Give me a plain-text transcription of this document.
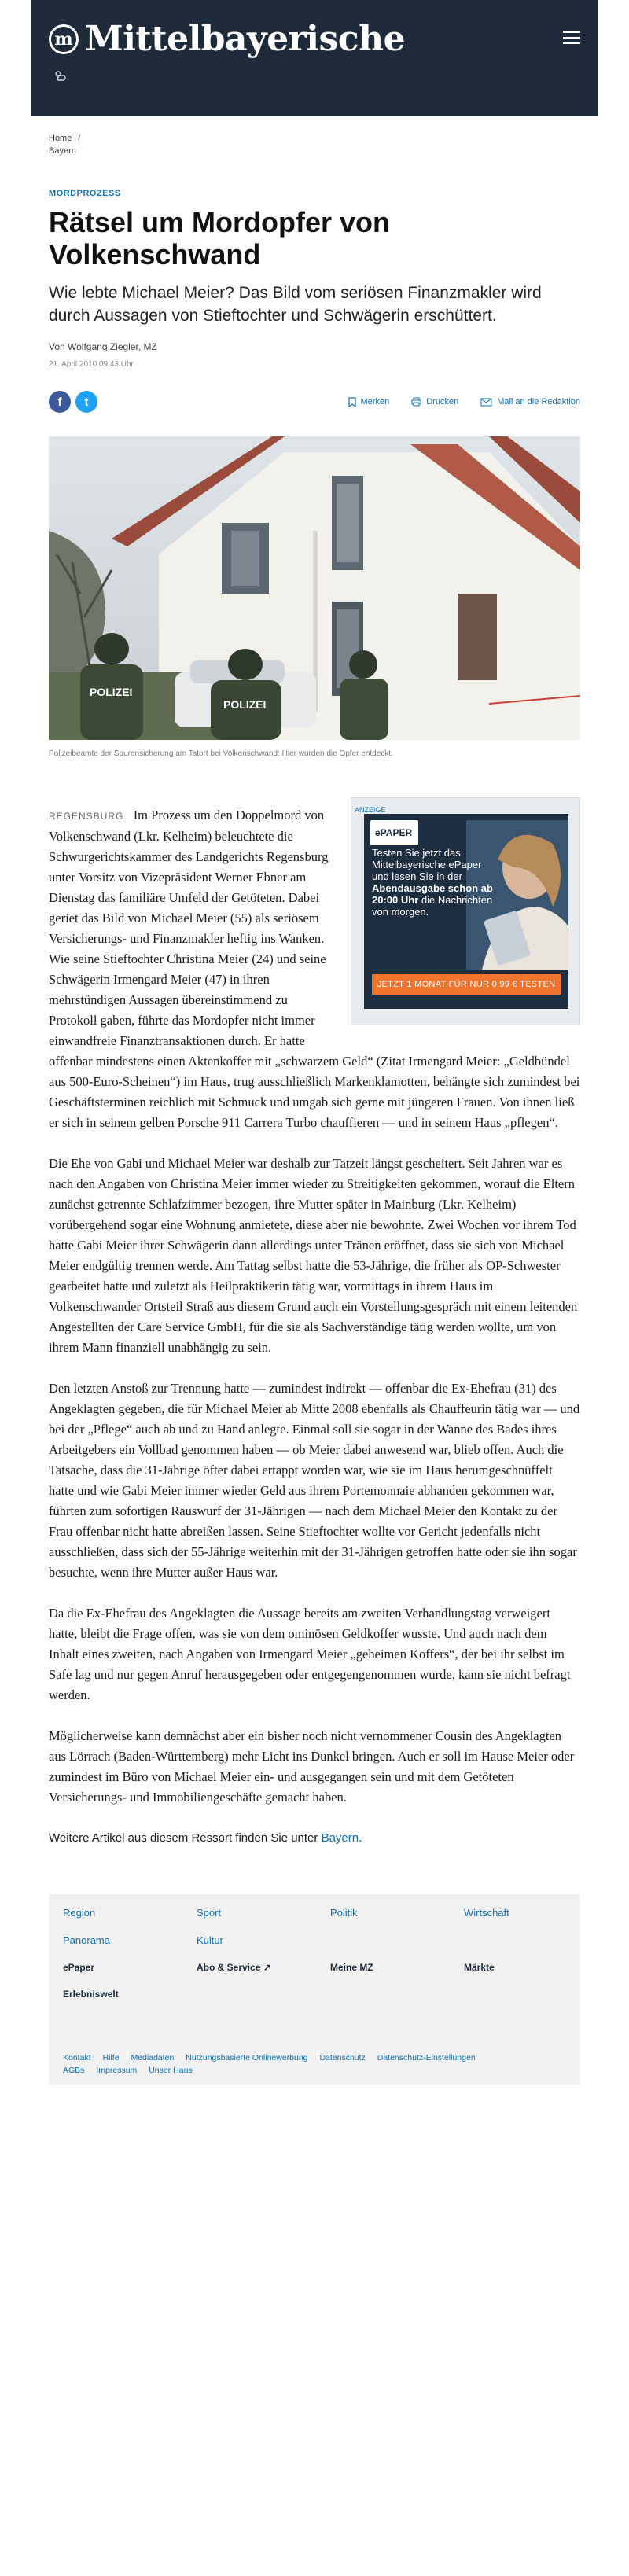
m Mittelbayerische
Home /
Bayern
MORDPROZESS
Rätsel um Mordopfer von Volkenschwand

Wie lebte Michael Meier? Das Bild vom seriösen Finanzmakler wird durch Aussagen von Stieftochter und Schwägerin erschüttert.

Von Wolfgang Ziegler, MZ
21. April 2010 09:43 Uhr
f	t	Merken	Drucken	Mail an die Redaktion
POLIZEI
POLIZEI
Polizeibeamte der Spurensicherung am Tatort bei Volkenschwand: Hier wurden die Opfer entdeckt.
ANZEIGE
ePAPER
Testen Sie jetzt das Mittelbayerische ePaper und lesen Sie in der Abendausgabe schon ab 20:00 Uhr die Nachrichten von morgen.
JETZT 1 MONAT FÜR NUR 0,99 € TESTEN

REGENSBURG. Im Prozess um den Doppelmord von Volkenschwand (Lkr. Kelheim) beleuchtete die Schwurgerichtskammer des Landgerichts Regensburg unter Vorsitz von Vizepräsident Werner Ebner am Dienstag das familiäre Umfeld der Getöteten. Dabei geriet das Bild von Michael Meier (55) als seriösem Versicherungs- und Finanzmakler heftig ins Wanken. Wie seine Stieftochter Christina Meier (24) und seine Schwägerin Irmengard Meier (47) in ihren mehrstündigen Aussagen übereinstimmend zu Protokoll gaben, führte das Mordopfer nicht immer einwandfreie Finanztransaktionen durch. Er hatte offenbar mindestens einen Aktenkoffer mit „schwarzem Geld“ (Zitat Irmengard Meier: „Geldbündel aus 500-Euro-Scheinen“) im Haus, trug ausschließlich Markenklamotten, behängte sich zumindest bei Geschäftsterminen reichlich mit Schmuck und umgab sich gerne mit jüngeren Frauen. Von ihnen ließ er sich in seinem gelben Porsche 911 Carrera Turbo chauffieren — und in seinem Haus „pflegen“.

Die Ehe von Gabi und Michael Meier war deshalb zur Tatzeit längst gescheitert. Seit Jahren war es nach den Angaben von Christina Meier immer wieder zu Streitigkeiten gekommen, worauf die Eltern zunächst getrennte Schlafzimmer bezogen, ihre Mutter später in Mainburg (Lkr. Kelheim) vorübergehend sogar eine Wohnung anmietete, diese aber nie bewohnte. Zwei Wochen vor ihrem Tod hatte Gabi Meier ihrer Schwägerin dann allerdings unter Tränen eröffnet, dass sie sich von Michael Meier endgültig trennen werde. Am Tattag selbst hatte die 53-Jährige, die früher als OP-Schwester gearbeitet hatte und zuletzt als Heilpraktikerin tätig war, vormittags in ihrem Haus im Volkenschwander Ortsteil Straß aus diesem Grund auch ein Vorstellungsgespräch mit einem leitenden Angestellten der Care Service GmbH, für die sie als Sachverständige tätig werden wollte, um von ihrem Mann finanziell unabhängig zu sein.

Den letzten Anstoß zur Trennung hatte — zumindest indirekt — offenbar die Ex-Ehefrau (31) des Angeklagten gegeben, die für Michael Meier ab Mitte 2008 ebenfalls als Chauffeurin tätig war — und bei der „Pflege“ auch ab und zu Hand anlegte. Einmal soll sie sogar in der Wanne des Bades ihres Arbeitgebers ein Vollbad genommen haben — ob Meier dabei anwesend war, blieb offen. Auch die Tatsache, dass die 31-Jährige öfter dabei ertappt worden war, wie sie im Haus herumgeschnüffelt hatte und wie Gabi Meier immer wieder Geld aus ihrem Portemonnaie abhanden gekommen war, führten zum sofortigen Rauswurf der 31-Jährigen — nach dem Michael Meier den Kontakt zu der Frau offenbar nicht hatte abreißen lassen. Seine Stieftochter wollte vor Gericht jedenfalls nicht ausschließen, dass sich der 55-Jährige weiterhin mit der 31-Jährigen getroffen hatte oder sie ihn sogar besuchte, wenn ihre Mutter außer Haus war.

Da die Ex-Ehefrau des Angeklagten die Aussage bereits am zweiten Verhandlungstag verweigert hatte, bleibt die Frage offen, was sie von dem ominösen Geldkoffer wusste. Und auch nach dem Inhalt eines zweiten, nach Angaben von Irmengard Meier „geheimen Koffers“, der bei ihr selbst im Safe lag und nur gegen Anruf herausgegeben oder entgegengenommen wurde, kann sie nicht befragt werden.

Möglicherweise kann demnächst aber ein bisher noch nicht vernommener Cousin des Angeklagten aus Lörrach (Baden-Württemberg) mehr Licht ins Dunkel bringen. Auch er soll im Hause Meier oder zumindest im Büro von Michael Meier ein- und ausgegangen sein und mit dem Getöteten Versicherungs- und Immobiliengeschäfte gemacht haben.

Weitere Artikel aus diesem Ressort finden Sie unter Bayern.
Region	Sport	Politik	Wirtschaft
Panorama	Kultur
ePaper	Abo & Service ↗	Meine MZ	Märkte
Erlebniswelt
Kontakt Hilfe Mediadaten Nutzungsbasierte Onlinewerbung Datenschutz Datenschutz-Einstellungen
AGBs Impressum Unser Haus
